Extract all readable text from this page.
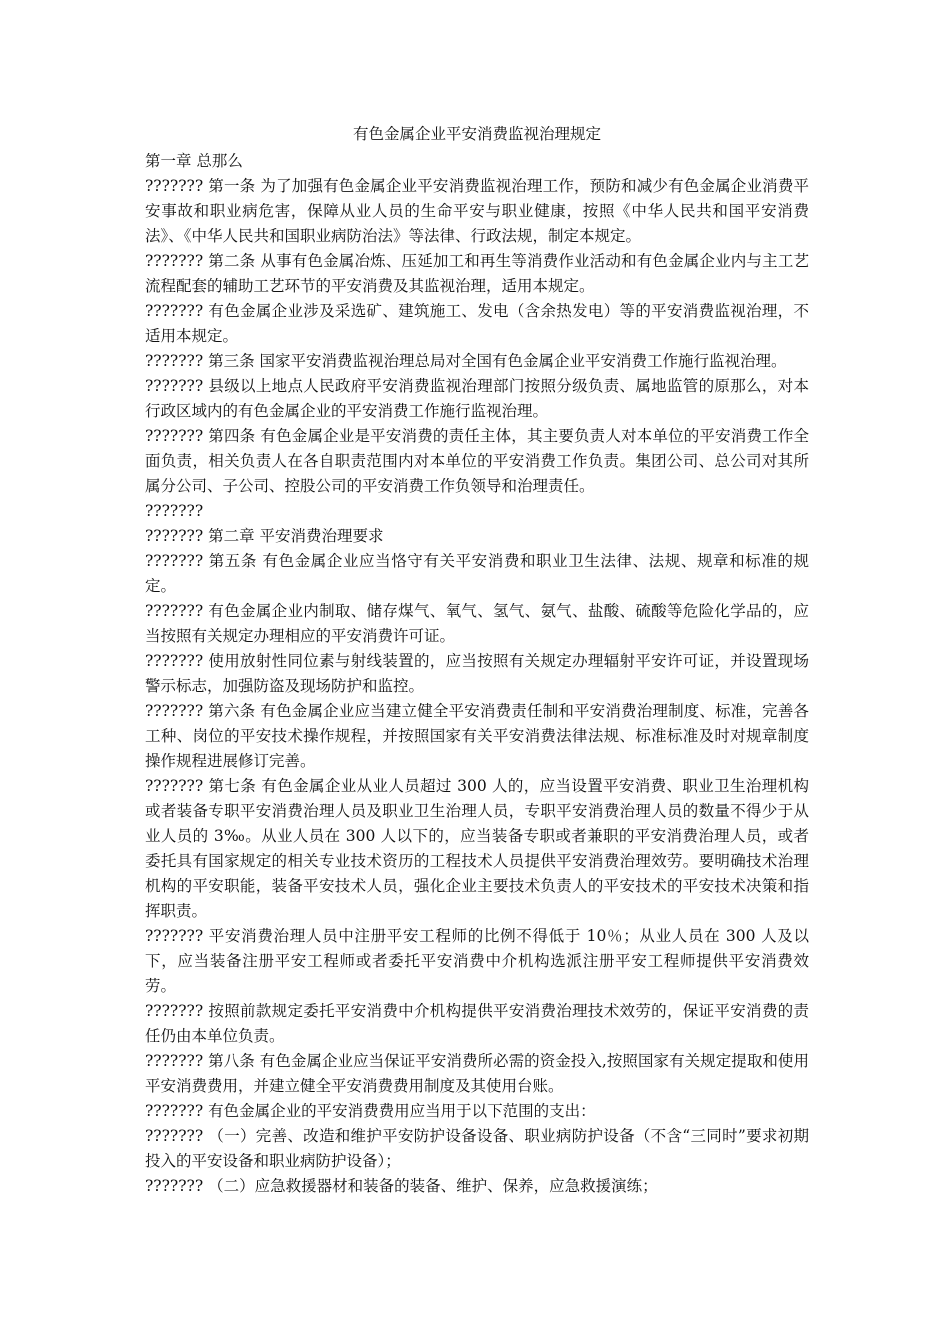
有色金属企业平安消费监视治理规定

第一章 总那么

??????? 第一条 为了加强有色金属企业平安消费监视治理工作，预防和减少有色金属企业消费平安事故和职业病危害，保障从业人员的生命平安与职业健康，按照《中华人民共和国平安消费法》、《中华人民共和国职业病防治法》等法律、行政法规，制定本规定。

??????? 第二条 从事有色金属冶炼、压延加工和再生等消费作业活动和有色金属企业内与主工艺流程配套的辅助工艺环节的平安消费及其监视治理，适用本规定。

??????? 有色金属企业涉及采选矿、建筑施工、发电（含余热发电）等的平安消费监视治理，不适用本规定。

??????? 第三条 国家平安消费监视治理总局对全国有色金属企业平安消费工作施行监视治理。

??????? 县级以上地点人民政府平安消费监视治理部门按照分级负责、属地监管的原那么，对本行政区域内的有色金属企业的平安消费工作施行监视治理。

??????? 第四条 有色金属企业是平安消费的责任主体，其主要负责人对本单位的平安消费工作全面负责，相关负责人在各自职责范围内对本单位的平安消费工作负责。集团公司、总公司对其所属分公司、子公司、控股公司的平安消费工作负领导和治理责任。

???????

??????? 第二章 平安消费治理要求

??????? 第五条 有色金属企业应当恪守有关平安消费和职业卫生法律、法规、规章和标准的规定。

??????? 有色金属企业内制取、储存煤气、氧气、氢气、氨气、盐酸、硫酸等危险化学品的，应当按照有关规定办理相应的平安消费许可证。

??????? 使用放射性同位素与射线装置的，应当按照有关规定办理辐射平安许可证，并设置现场警示标志，加强防盗及现场防护和监控。

??????? 第六条 有色金属企业应当建立健全平安消费责任制和平安消费治理制度、标准，完善各工种、岗位的平安技术操作规程，并按照国家有关平安消费法律法规、标准标准及时对规章制度操作规程进展修订完善。

??????? 第七条 有色金属企业从业人员超过 300 人的，应当设置平安消费、职业卫生治理机构或者装备专职平安消费治理人员及职业卫生治理人员，专职平安消费治理人员的数量不得少于从业人员的 3‰。从业人员在 300 人以下的，应当装备专职或者兼职的平安消费治理人员，或者委托具有国家规定的相关专业技术资历的工程技术人员提供平安消费治理效劳。要明确技术治理机构的平安职能，装备平安技术人员，强化企业主要技术负责人的平安技术的平安技术决策和指挥职责。

??????? 平安消费治理人员中注册平安工程师的比例不得低于 10％；从业人员在 300 人及以下，应当装备注册平安工程师或者委托平安消费中介机构选派注册平安工程师提供平安消费效劳。

??????? 按照前款规定委托平安消费中介机构提供平安消费治理技术效劳的，保证平安消费的责任仍由本单位负责。

??????? 第八条 有色金属企业应当保证平安消费所必需的资金投入,按照国家有关规定提取和使用平安消费费用，并建立健全平安消费费用制度及其使用台账。

??????? 有色金属企业的平安消费费用应当用于以下范围的支出：

??????? （一）完善、改造和维护平安防护设备设备、职业病防护设备（不含“三同时”要求初期投入的平安设备和职业病防护设备）；

??????? （二）应急救援器材和装备的装备、维护、保养，应急救援演练；
